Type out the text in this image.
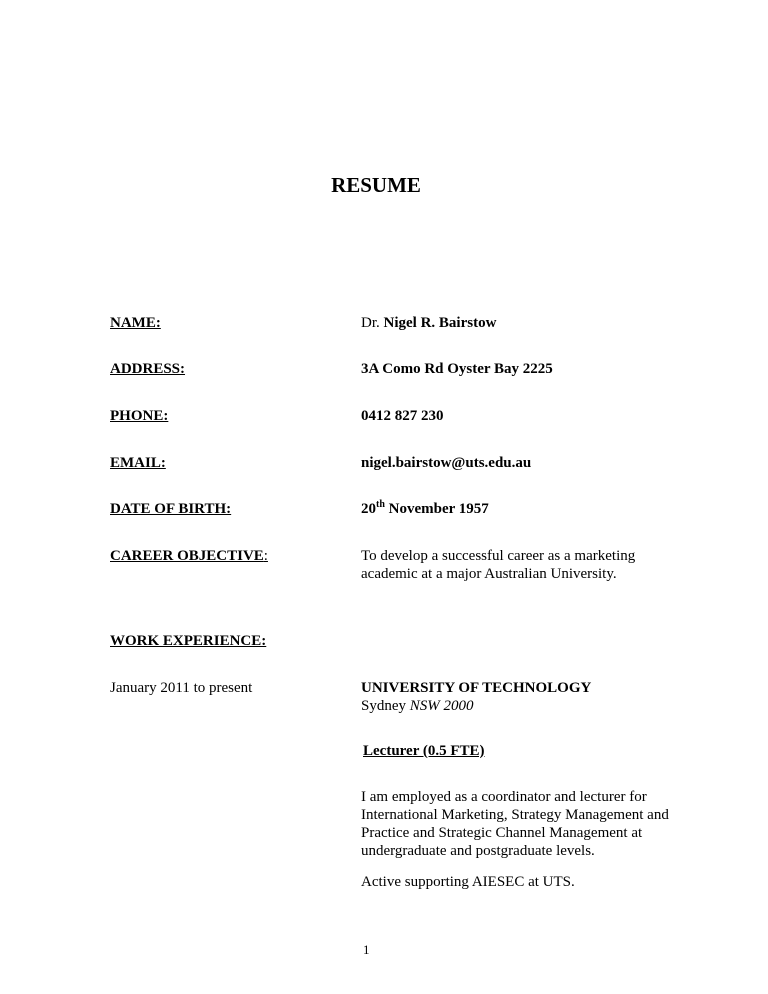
RESUME
NAME:	Dr. Nigel R. Bairstow
ADDRESS:	3A Como Rd Oyster Bay 2225
PHONE:	0412 827 230
EMAIL:	nigel.bairstow@uts.edu.au
DATE OF BIRTH:	20th November 1957
CAREER OBJECTIVE:	To develop a successful career as a marketing academic at a major Australian University.
WORK EXPERIENCE:
January 2011 to present	UNIVERSITY OF TECHNOLOGY
Sydney NSW 2000
Lecturer (0.5 FTE)
I am employed as a coordinator and lecturer for International Marketing, Strategy Management and Practice and Strategic Channel Management at undergraduate and postgraduate levels.
Active supporting AIESEC at UTS.
1
